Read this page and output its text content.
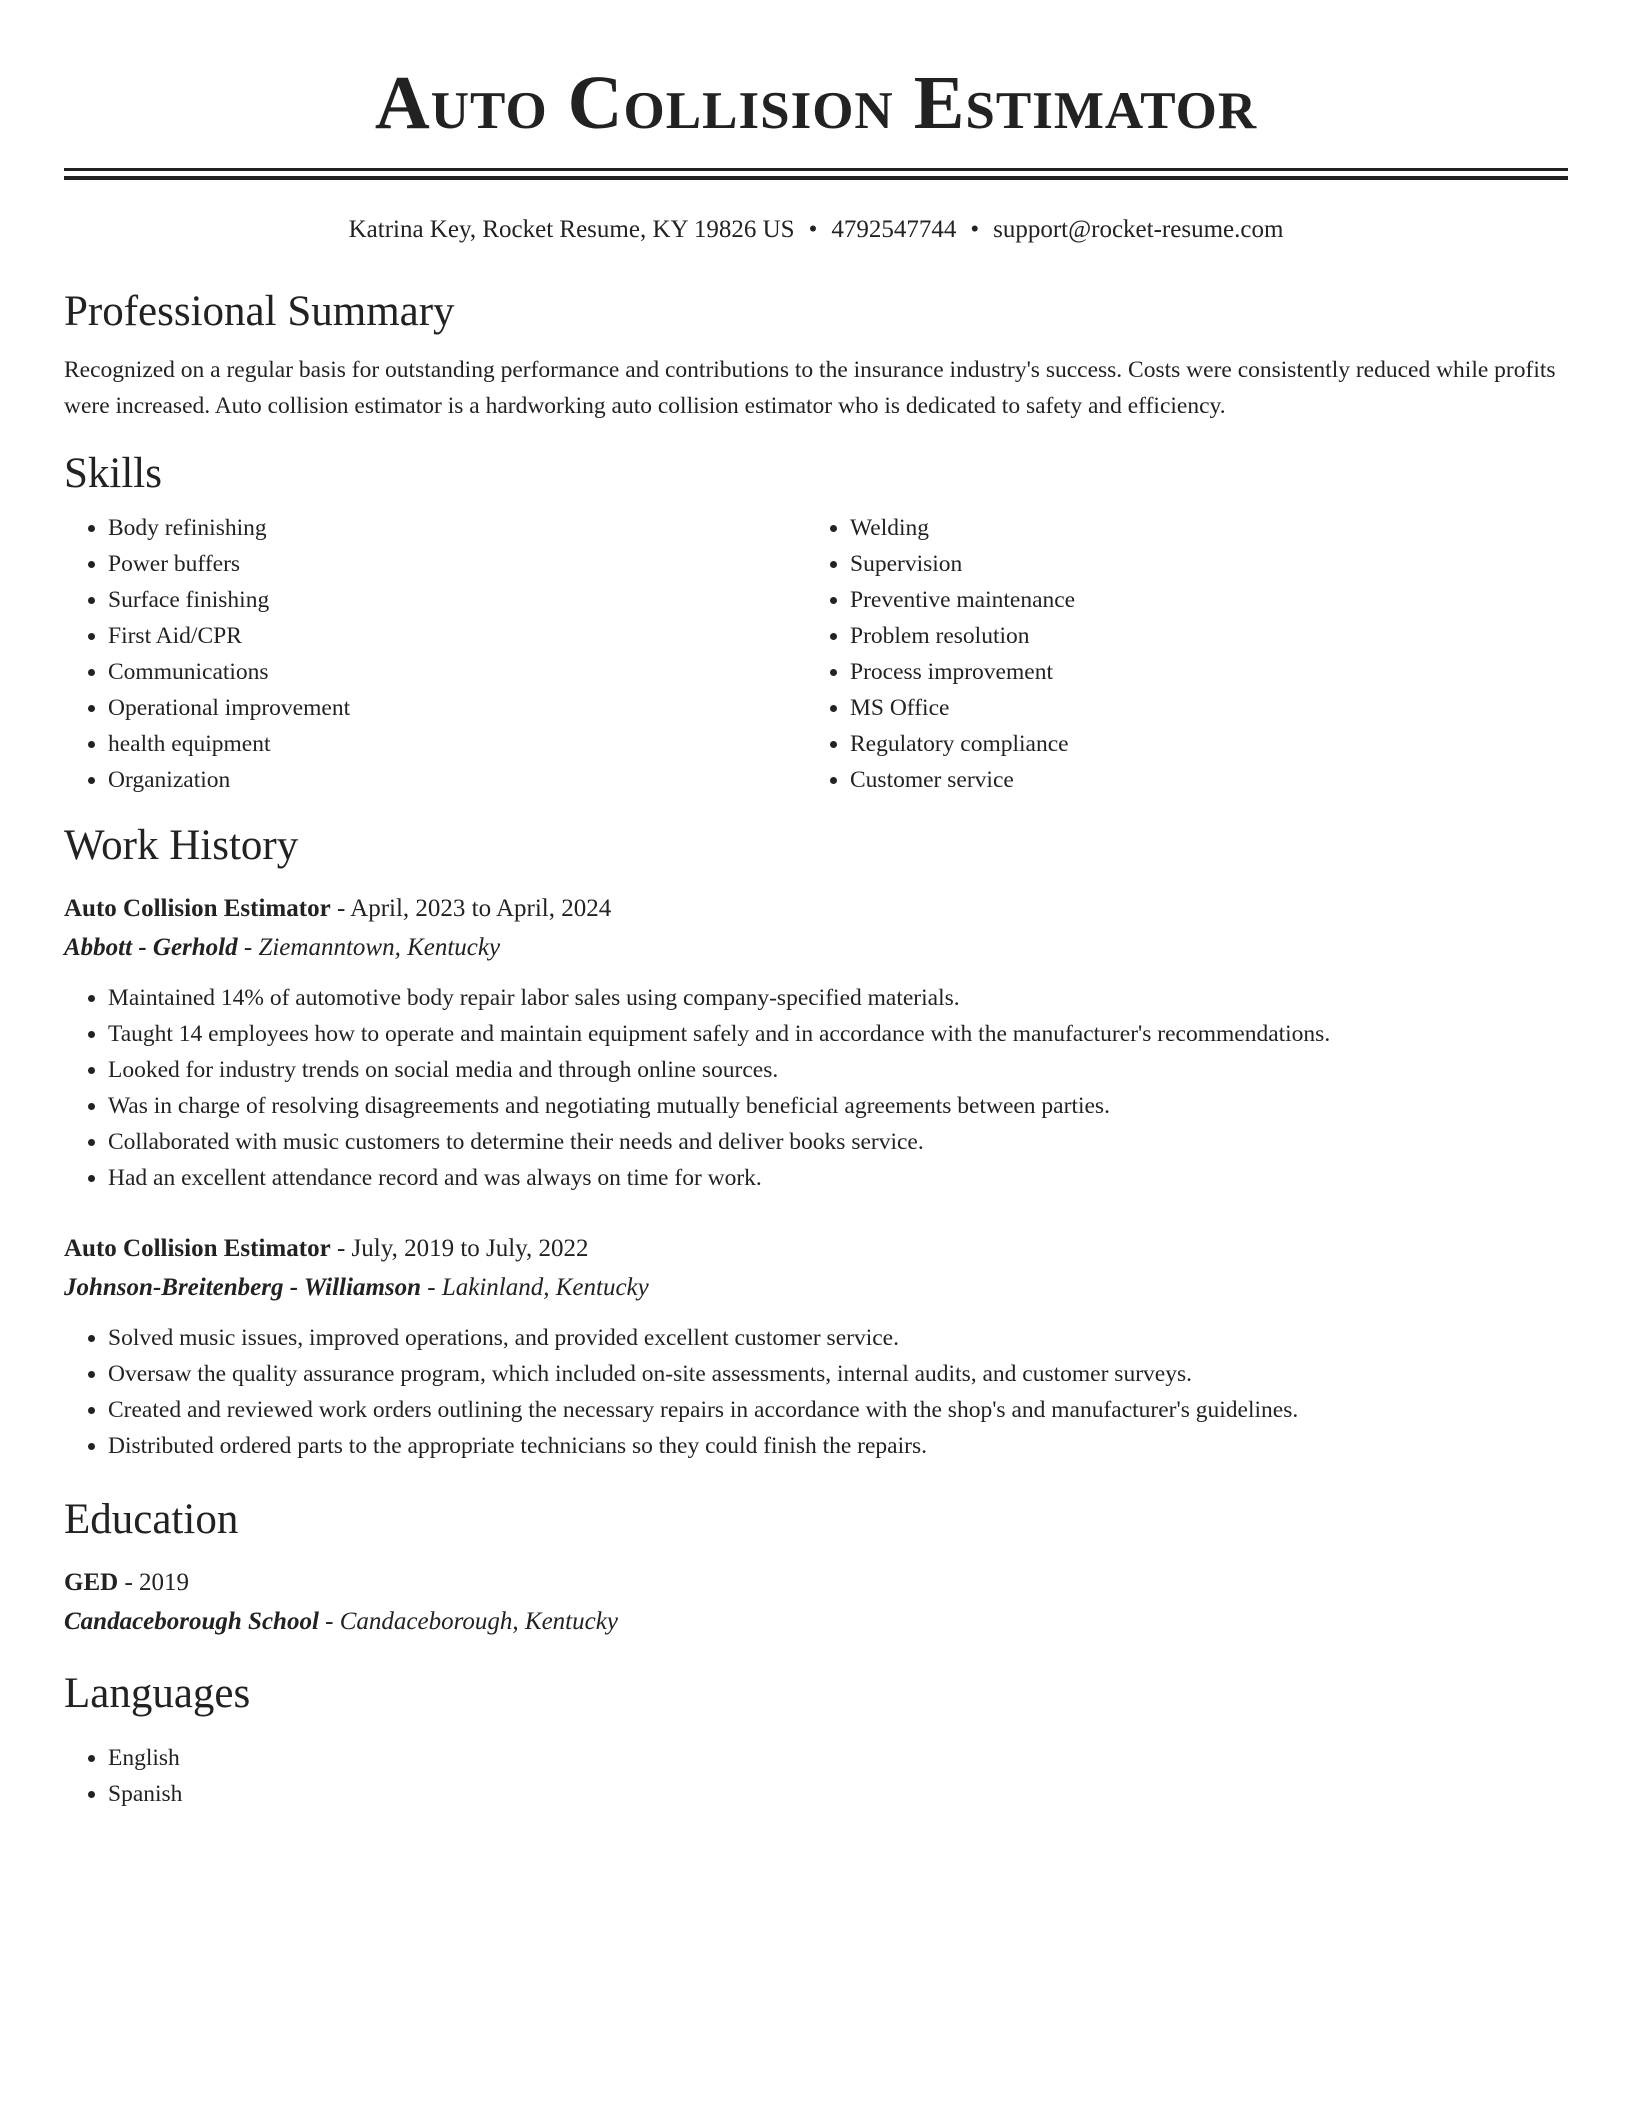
Auto Collision Estimator
Katrina Key, Rocket Resume, KY 19826 US • 4792547744 • support@rocket-resume.com
Professional Summary

Recognized on a regular basis for outstanding performance and contributions to the insurance industry's success. Costs were consistently reduced while profits were increased. Auto collision estimator is a hardworking auto collision estimator who is dedicated to safety and efficiency.

Skills
• Body refinishing
• Power buffers
• Surface finishing
• First Aid/CPR
• Communications
• Operational improvement
• health equipment
• Organization
• Welding
• Supervision
• Preventive maintenance
• Problem resolution
• Process improvement
• MS Office
• Regulatory compliance
• Customer service
Work History
Auto Collision Estimator - April, 2023 to April, 2024
Abbott - Gerhold - Ziemanntown, Kentucky
• Maintained 14% of automotive body repair labor sales using company-specified materials.
• Taught 14 employees how to operate and maintain equipment safely and in accordance with the manufacturer's recommendations.
• Looked for industry trends on social media and through online sources.
• Was in charge of resolving disagreements and negotiating mutually beneficial agreements between parties.
• Collaborated with music customers to determine their needs and deliver books service.
• Had an excellent attendance record and was always on time for work.
Auto Collision Estimator - July, 2019 to July, 2022
Johnson-Breitenberg - Williamson - Lakinland, Kentucky
• Solved music issues, improved operations, and provided excellent customer service.
• Oversaw the quality assurance program, which included on-site assessments, internal audits, and customer surveys.
• Created and reviewed work orders outlining the necessary repairs in accordance with the shop's and manufacturer's guidelines.
• Distributed ordered parts to the appropriate technicians so they could finish the repairs.
Education
GED - 2019
Candaceborough School - Candaceborough, Kentucky
Languages
• English
• Spanish
